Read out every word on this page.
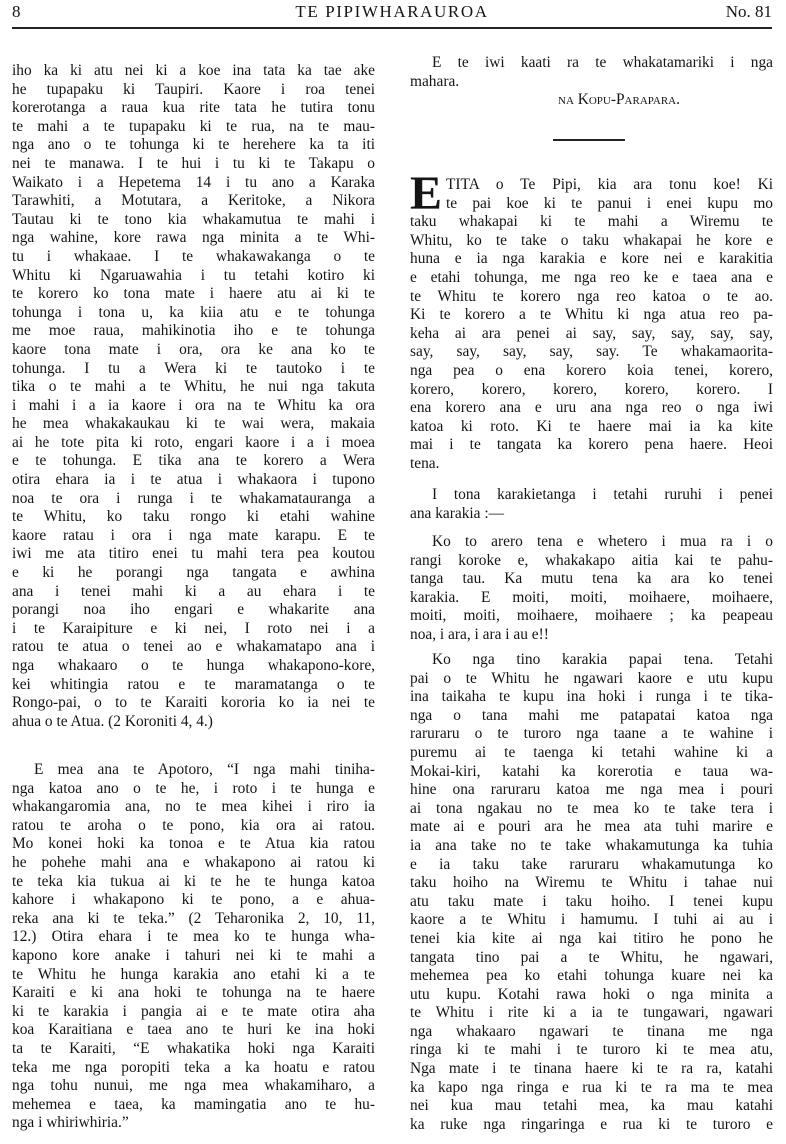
8	TE PIPIWHARAUROA	No. 81
iho ka ki atu nei ki a koe ina tata ka tae ake
he tupapaku ki Taupiri. Kaore i roa tenei
korerotanga a raua kua rite tata he tutira tonu
te mahi a te tupapaku ki te rua, na te mau-
nga ano o te tohunga ki te herehere ka ta iti
nei te manawa. I te hui i tu ki te Takapu o
Waikato i a Hepetema 14 i tu ano a Karaka
Tarawhiti, a Motutara, a Keritoke, a Nikora
Tautau ki te tono kia whakamutua te mahi i
nga wahine, kore rawa nga minita a te Whi-
tu i whakaae. I te whakawakanga o te
Whitu ki Ngaruawahia i tu tetahi kotiro ki
te korero ko tona mate i haere atu ai ki te
tohunga i tona u, ka kiia atu e te tohunga
me moe raua, mahikinotia iho e te tohunga
kaore tona mate i ora, ora ke ana ko te
tohunga. I tu a Wera ki te tautoko i te
tika o te mahi a te Whitu, he nui nga takuta
i mahi i a ia kaore i ora na te Whitu ka ora
he mea whakakaukau ki te wai wera, makaia
ai he tote pita ki roto, engari kaore i a i moea
e te tohunga. E tika ana te korero a Wera
otira ehara ia i te atua i whakaora i tupono
noa te ora i runga i te whakamatauranga a
te Whitu, ko taku rongo ki etahi wahine
kaore ratau i ora i nga mate karapu. E te
iwi me ata titiro enei tu mahi tera pea koutou
e ki he porangi nga tangata e awhina
ana i tenei mahi ki a au ehara i te
porangi noa iho engari e whakarite ana
i te Karaipiture e ki nei, I roto nei i a
ratou te atua o tenei ao e whakamatapo ana i
nga whakaaro o te hunga whakapono-kore,
kei whitingia ratou e te maramatanga o te
Rongo-pai, o to te Karaiti kororia ko ia nei te
ahua o te Atua. (2 Koroniti 4, 4.)
E mea ana te Apotoro, “I nga mahi tiniha-
nga katoa ano o te he, i roto i te hunga e
whakangaromia ana, no te mea kihei i riro ia
ratou te aroha o te pono, kia ora ai ratou.
Mo konei hoki ka tonoa e te Atua kia ratou
he pohehe mahi ana e whakapono ai ratou ki
te teka kia tukua ai ki te he te hunga katoa
kahore i whakapono ki te pono, a e ahua-
reka ana ki te teka.” (2 Teharonika 2, 10, 11,
12.) Otira ehara i te mea ko te hunga wha-
kapono kore anake i tahuri nei ki te mahi a
te Whitu he hunga karakia ano etahi ki a te
Karaiti e ki ana hoki te tohunga na te haere
ki te karakia i pangia ai e te mate otira aha
koa Karaitiana e taea ano te huri ke ina hoki
ta te Karaiti, “E whakatika hoki nga Karaiti
teka me nga poropiti teka a ka hoatu e ratou
nga tohu nunui, me nga mea whakamiharo, a
mehemea e taea, ka mamingatia ano te hu-
nga i whiriwhiria.”
E te iwi kaati ra te whakatamariki i nga
mahara.
na Kopu-Parapara.
E TITA o Te Pipi, kia ara tonu koe! Ki
te pai koe ki te panui i enei kupu mo
taku whakapai ki te mahi a Wiremu te
Whitu, ko te take o taku whakapai he kore e
huna e ia nga karakia e kore nei e karakitia
e etahi tohunga, me nga reo ke e taea ana e
te Whitu te korero nga reo katoa o te ao.
Ki te korero a te Whitu ki nga atua reo pa-
keha ai ara penei ai say, say, say, say, say,
say, say, say, say, say. Te whakamaorita-
nga pea o ena korero koia tenei, korero,
korero, korero, korero, korero, korero. I
ena korero ana e uru ana nga reo o nga iwi
katoa ki roto. Ki te haere mai ia ka kite
mai i te tangata ka korero pena haere. Heoi
tena.
I tona karakietanga i tetahi ruruhi i penei
ana karakia :—
Ko to arero tena e whetero i mua ra i o
rangi koroke e, whakakapo aitia kai te pahu-
tanga tau. Ka mutu tena ka ara ko tenei
karakia. E moiti, moiti, moihaere, moihaere,
moiti, moiti, moihaere, moihaere ; ka peapeau
noa, i ara, i ara i au e!!
Ko nga tino karakia papai tena. Tetahi
pai o te Whitu he ngawari kaore e utu kupu
ina taikaha te kupu ina hoki i runga i te tika-
nga o tana mahi me patapatai katoa nga
raruraru o te turoro nga taane a te wahine i
puremu ai te taenga ki tetahi wahine ki a
Mokai-kiri, katahi ka korerotia e taua wa-
hine ona raruraru katoa me nga mea i pouri
ai tona ngakau no te mea ko te take tera i
mate ai e pouri ara he mea ata tuhi marire e
ia ana take no te take whakamutunga ka tuhia
e ia taku take raruraru whakamutunga ko
taku hoiho na Wiremu te Whitu i tahae nui
atu taku mate i taku hoiho. I tenei kupu
kaore a te Whitu i hamumu. I tuhi ai au i
tenei kia kite ai nga kai titiro he pono he
tangata tino pai a te Whitu, he ngawari,
mehemea pea ko etahi tohunga kuare nei ka
utu kupu. Kotahi rawa hoki o nga minita a
te Whitu i rite ki a ia te tungawari, ngawari
nga whakaaro ngawari te tinana me nga
ringa ki te mahi i te turoro ki te mea atu,
Nga mate i te tinana haere ki te ra ra, katahi
ka kapo nga ringa e rua ki te ra ma te mea
nei kua mau tetahi mea, ka mau katahi
ka ruke nga ringaringa e rua ki te turoro e
